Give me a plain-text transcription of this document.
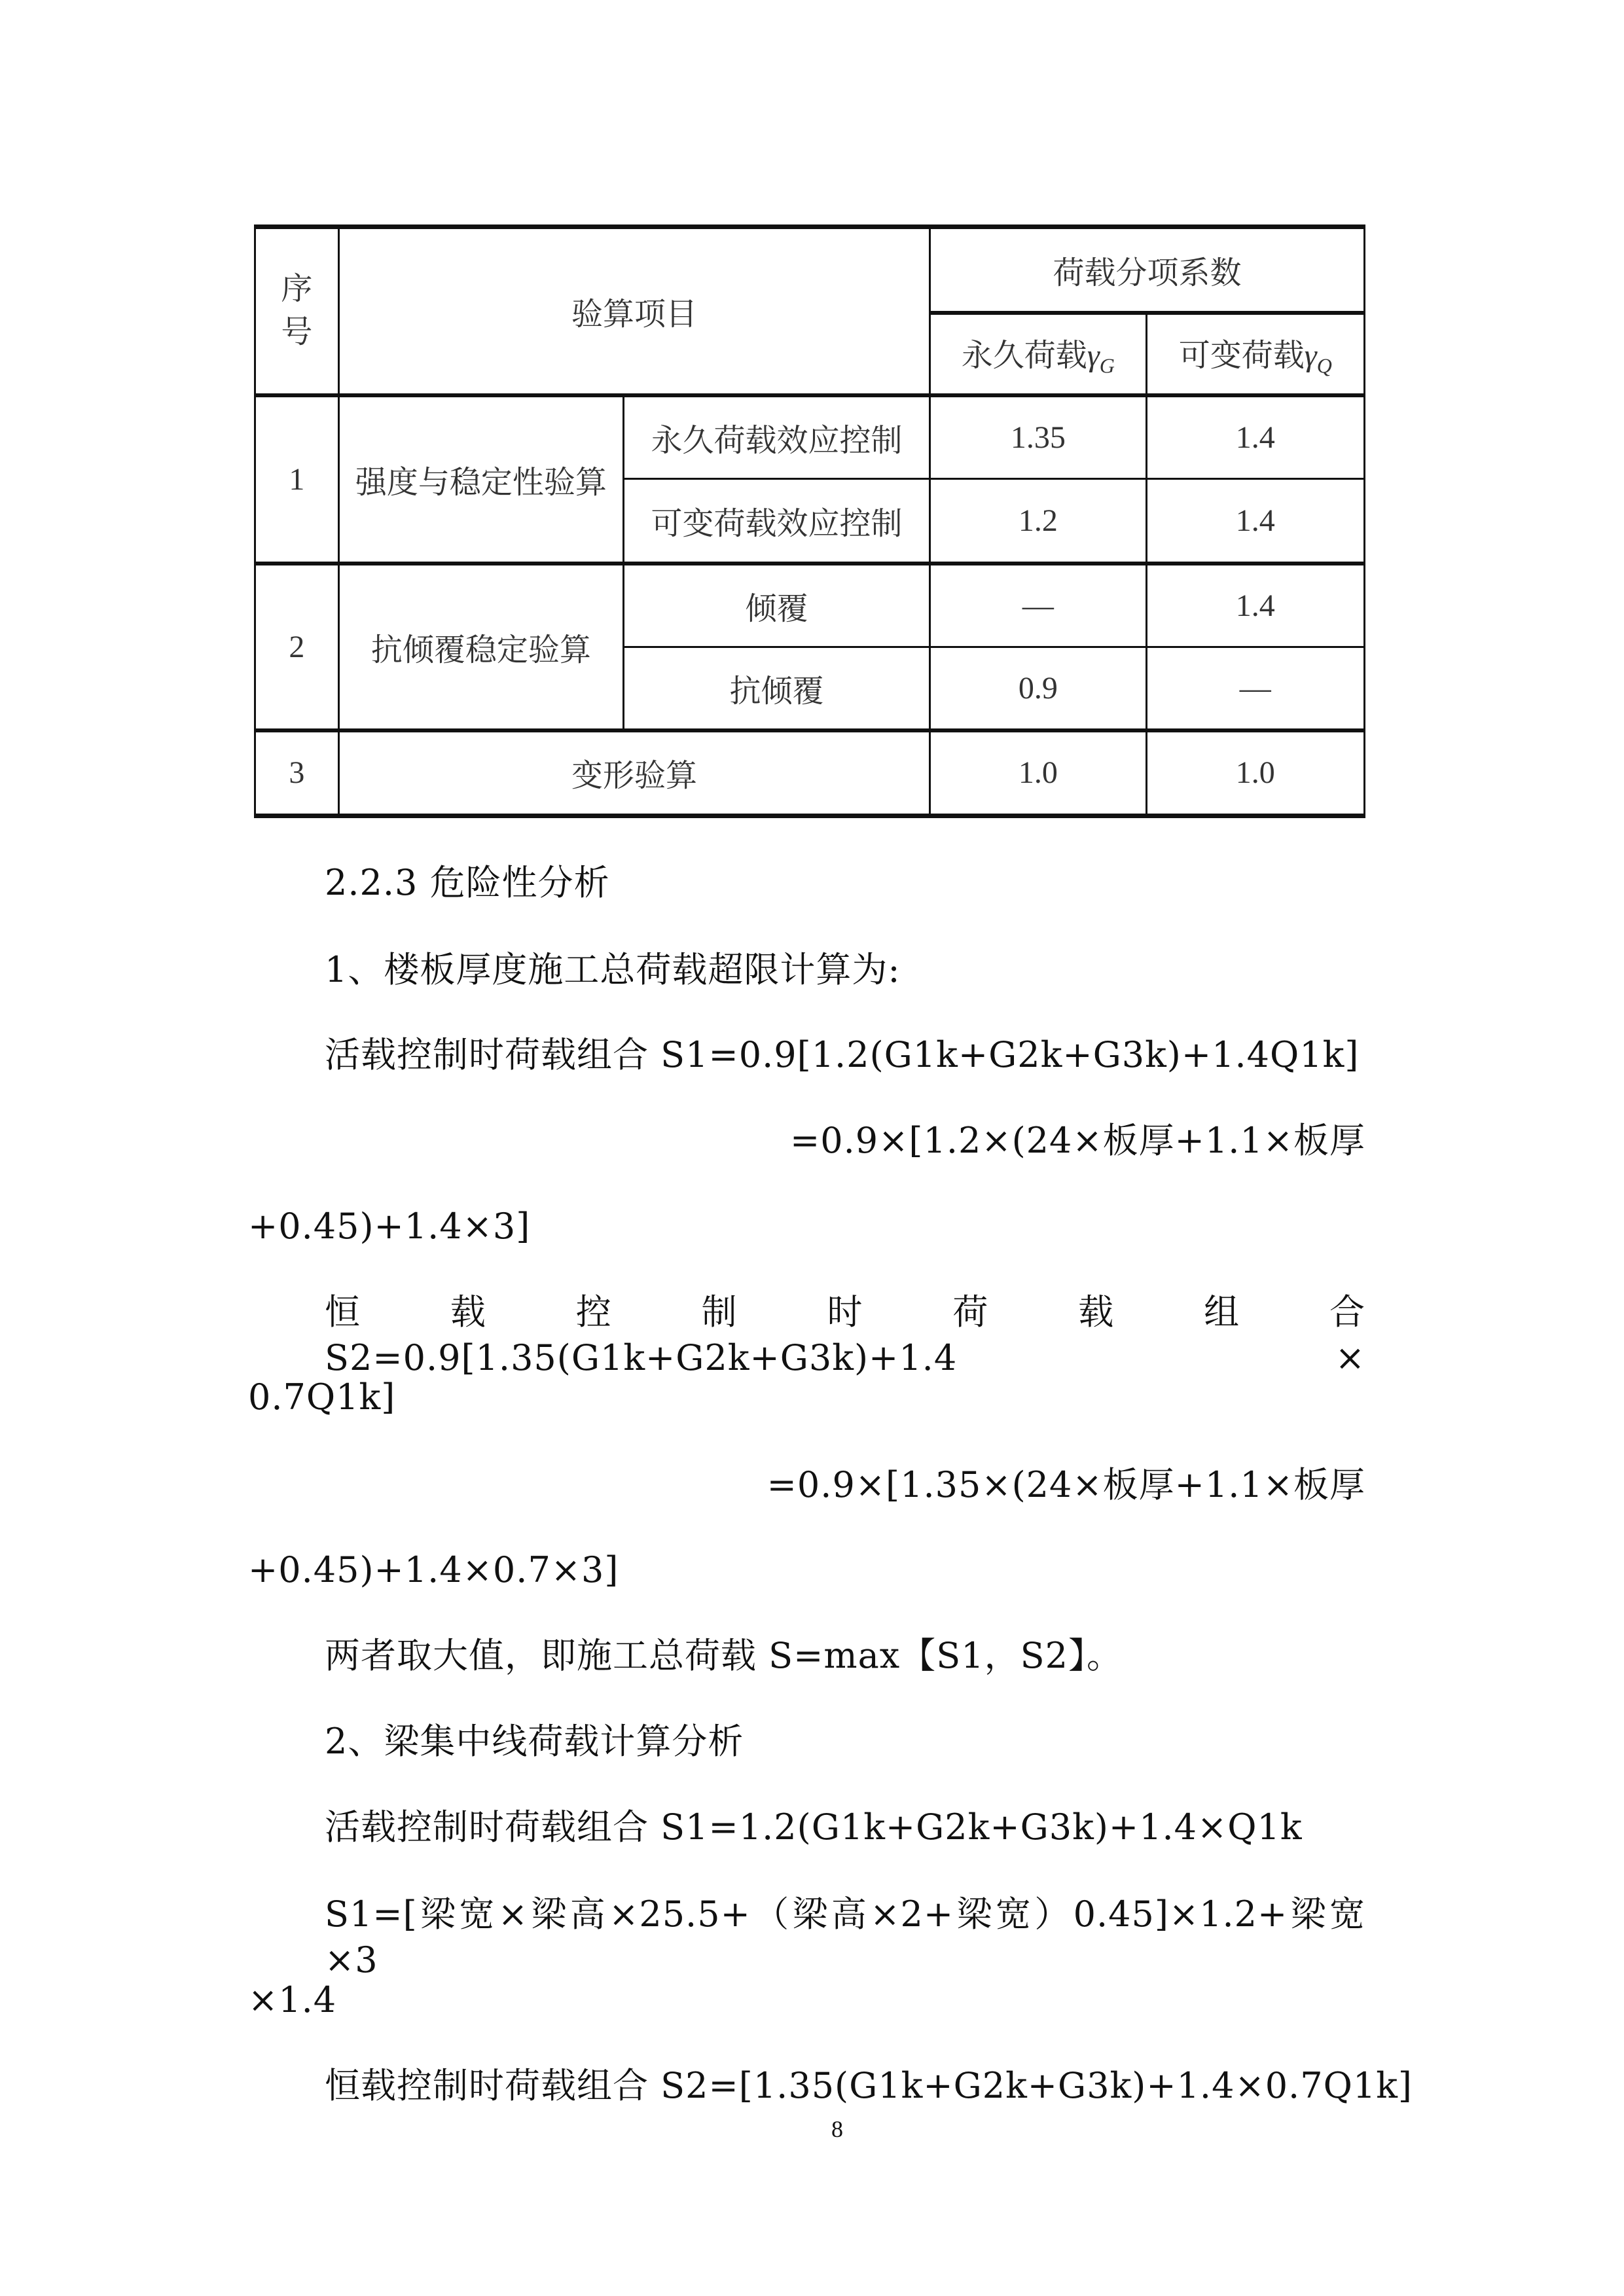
序
号	验算项目		荷载分项系数	
			永久荷载$\gamma_G$	可变荷载$\gamma_Q$
1	强度与稳定性验算	永久荷载效应控制	1.35	1.4
		可变荷载效应控制	1.2	1.4
2	抗倾覆稳定验算	倾覆	—	1.4
		抗倾覆	0.9	—
3	变形验算		1.0	1.0
2.2.3 危险性分析
1、楼板厚度施工总荷载超限计算为:
活载控制时荷载组合 S1=0.9[1.2(G1k+G2k+G3k)+1.4Q1k]
=0.9×[1.2×(24×板厚+1.1×板厚
+0.45)+1.4×3]
恒 载 控 制 时 荷 载 组 合 S2=0.9[1.35(G1k+G2k+G3k)+1.4 ×
0.7Q1k]
=0.9×[1.35×(24×板厚+1.1×板厚
+0.45)+1.4×0.7×3]
两者取大值，即施工总荷载 S=max【S1，S2】。
2、梁集中线荷载计算分析
活载控制时荷载组合 S1=1.2(G1k+G2k+G3k)+1.4×Q1k
S1=[梁宽×梁高×25.5+（梁高×2+梁宽）0.45]×1.2+梁宽×3
×1.4
恒载控制时荷载组合 S2=[1.35(G1k+G2k+G3k)+1.4×0.7Q1k]
8
